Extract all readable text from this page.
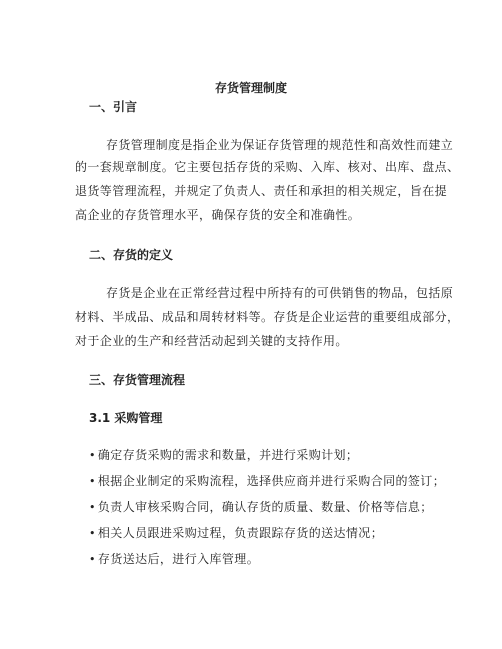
存货管理制度
一、引言
存货管理制度是指企业为保证存货管理的规范性和高效性而建立
的一套规章制度。它主要包括存货的采购、入库、核对、出库、盘点、
退货等管理流程，并规定了负责人、责任和承担的相关规定，旨在提
高企业的存货管理水平，确保存货的安全和准确性。
二、存货的定义
存货是企业在正常经营过程中所持有的可供销售的物品，包括原
材料、半成品、成品和周转材料等。存货是企业运营的重要组成部分，
对于企业的生产和经营活动起到关键的支持作用。
三、存货管理流程
3.1 采购管理
• 确定存货采购的需求和数量，并进行采购计划；
• 根据企业制定的采购流程，选择供应商并进行采购合同的签订；
• 负责人审核采购合同，确认存货的质量、数量、价格等信息；
• 相关人员跟进采购过程，负责跟踪存货的送达情况；
• 存货送达后，进行入库管理。
